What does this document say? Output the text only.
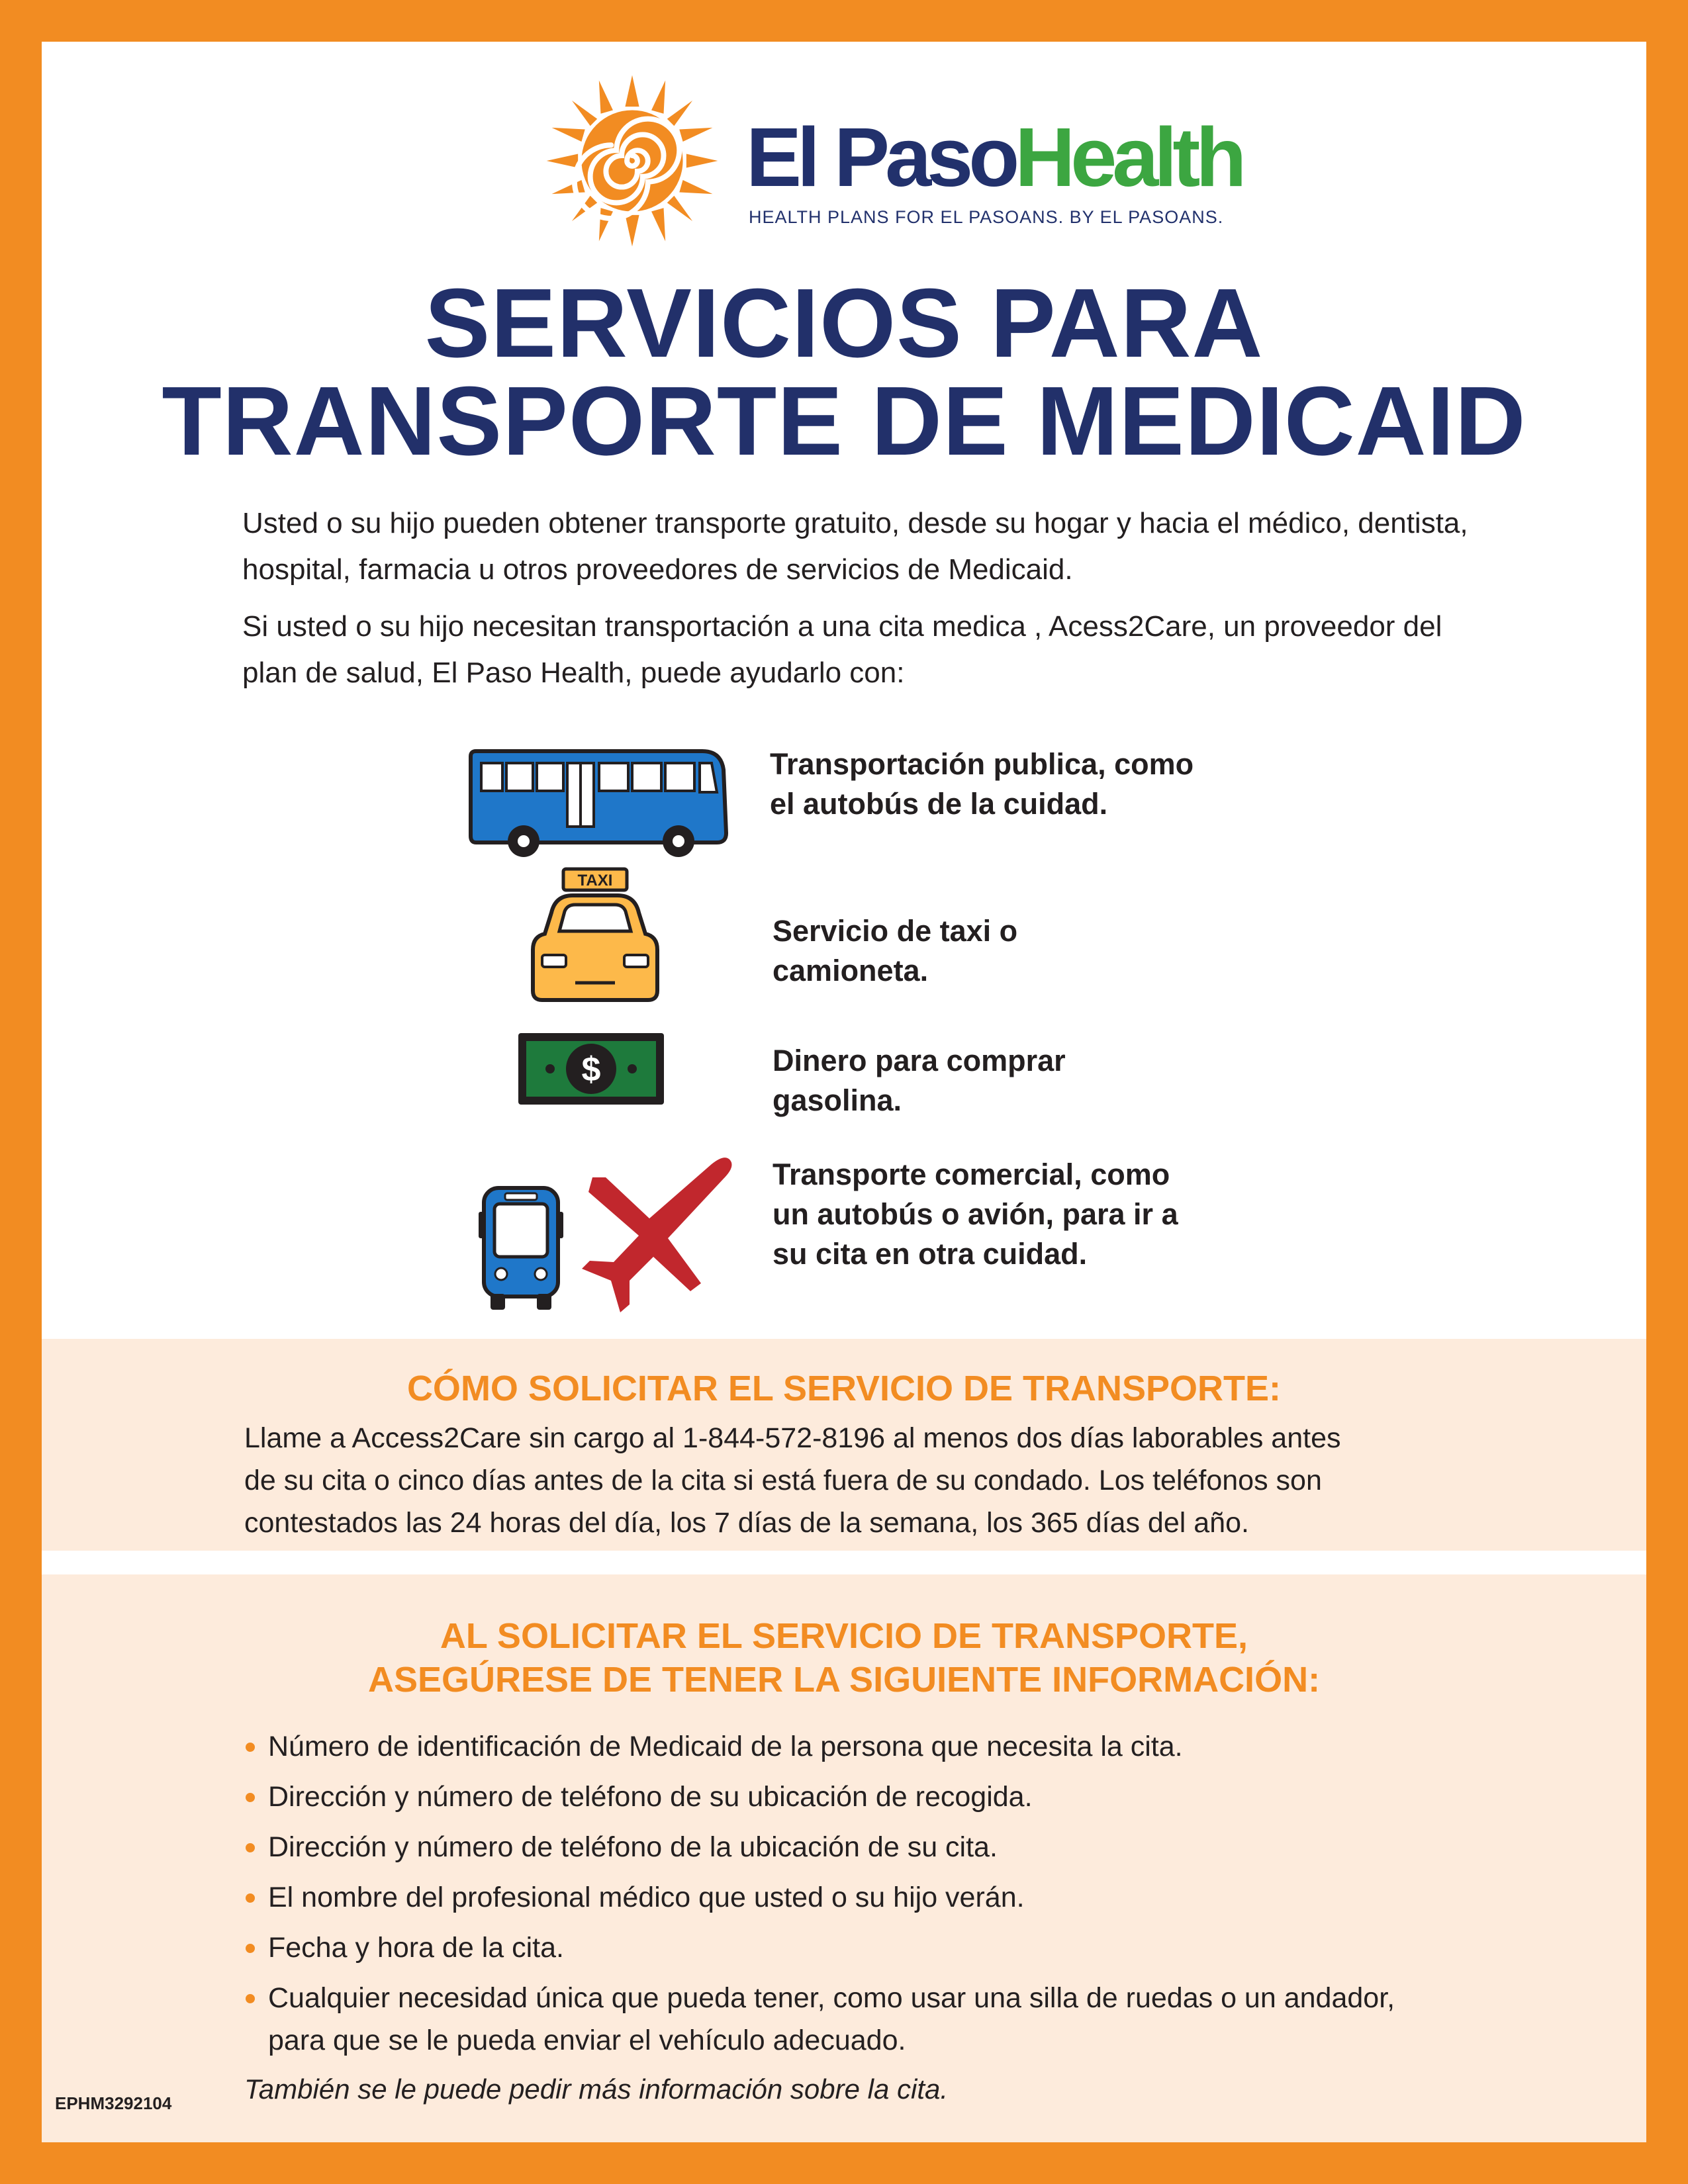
El PasoHealth
HEALTH PLANS FOR EL PASOANS. BY EL PASOANS.
SERVICIOS PARA
TRANSPORTE DE MEDICAID

Usted o su hijo pueden obtener transporte gratuito, desde su hogar y hacia el médico, dentista, hospital, farmacia u otros proveedores de servicios de Medicaid.

Si usted o su hijo necesitan transportación a una cita medica , Acess2Care, un proveedor del plan de salud, El Paso Health, puede ayudarlo con:

Transportación publica, como
el autobús de la cuidad.
TAXI
Servicio de taxi o
camioneta.
$	Dinero para comprar
gasolina.
Transporte comercial, como
un autobús o avión, para ir a
su cita en otra cuidad.
CÓMO SOLICITAR EL SERVICIO DE TRANSPORTE:
Llame a Access2Care sin cargo al 1-844-572-8196 al menos dos días laborables antes
de su cita o cinco días antes de la cita si está fuera de su condado. Los teléfonos son
contestados las 24 horas del día, los 7 días de la semana, los 365 días del año.
AL SOLICITAR EL SERVICIO DE TRANSPORTE,
ASEGÚRESE DE TENER LA SIGUIENTE INFORMACIÓN:
Número de identificación de Medicaid de la persona que necesita la cita.
Dirección y número de teléfono de su ubicación de recogida.
Dirección y número de teléfono de la ubicación de su cita.
El nombre del profesional médico que usted o su hijo verán.
Fecha y hora de la cita.
Cualquier necesidad única que pueda tener, como usar una silla de ruedas o un andador, para que se le pueda enviar el vehículo adecuado.
También se le puede pedir más información sobre la cita.
EPHM3292104
